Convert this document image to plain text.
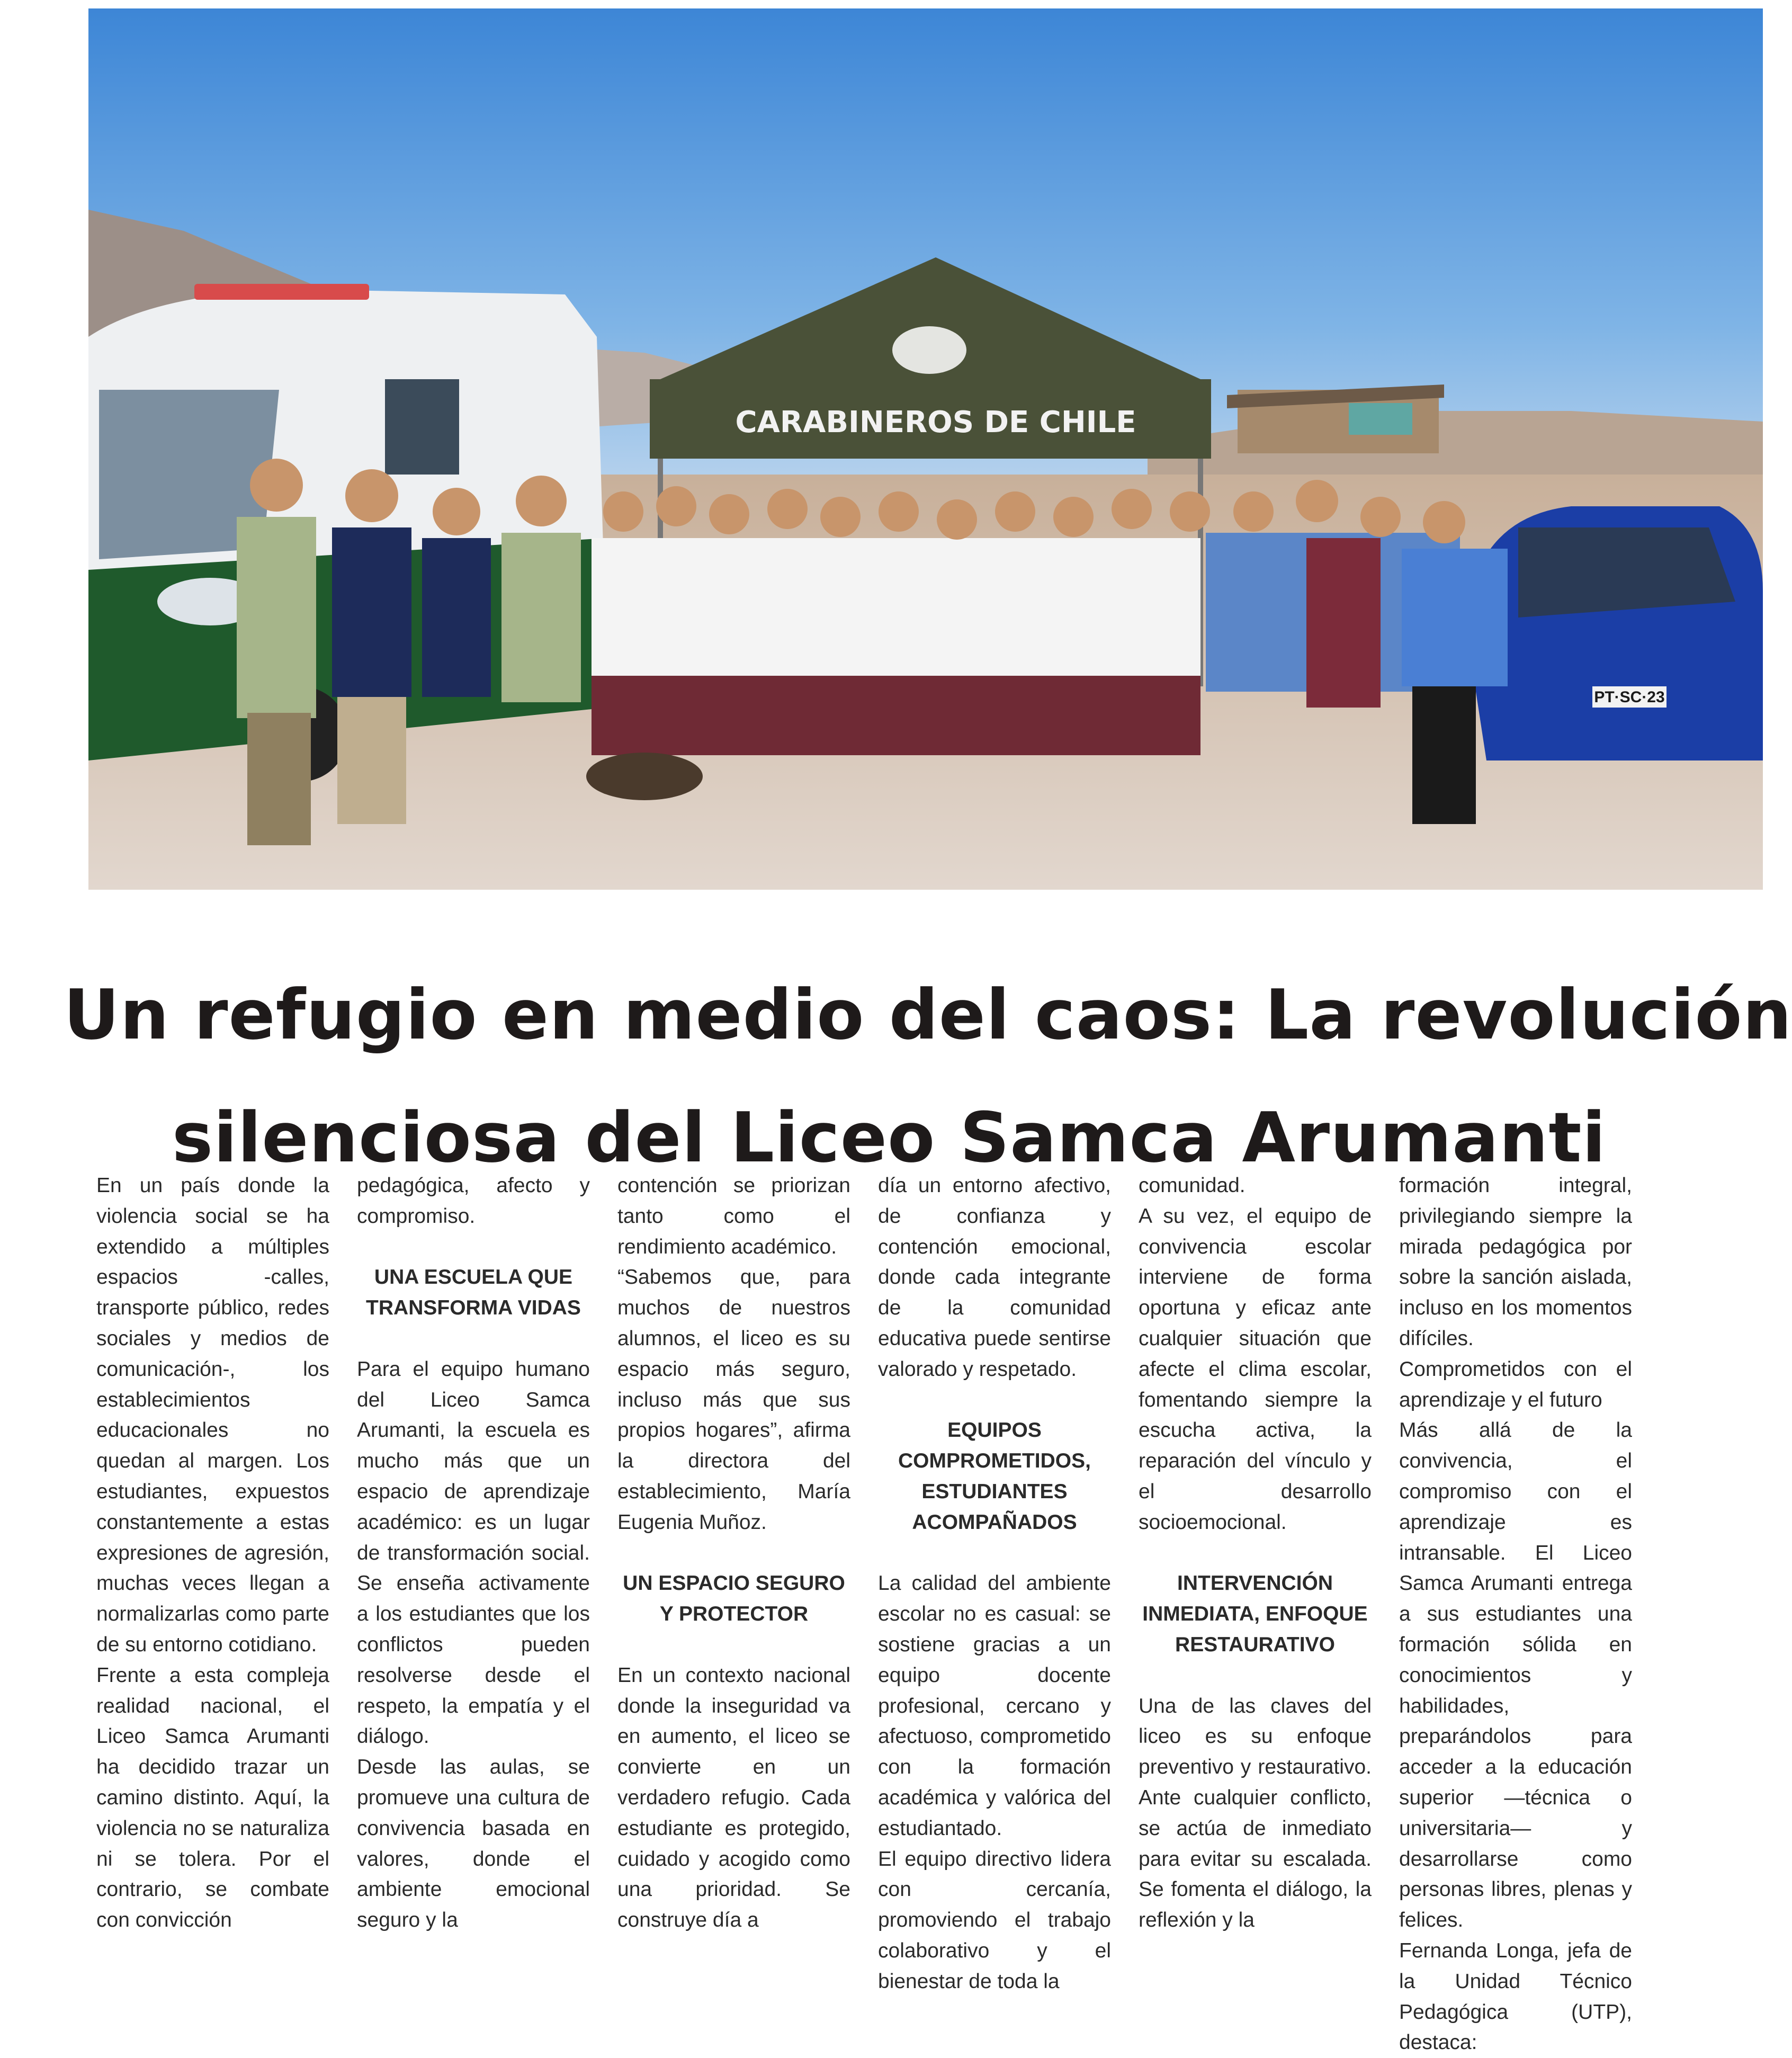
CARABINEROS DE CHILE
PT·SC·23
Un refugio en medio del caos: La revolución
silenciosa del Liceo Samca Arumanti

En un país donde la violencia social se ha extendido a múltiples espacios -calles, transporte público, redes sociales y medios de comunicación-, los establecimientos educacionales no quedan al margen. Los estudiantes, expuestos constantemente a estas expresiones de agresión, muchas veces llegan a normalizarlas como parte de su entorno cotidiano.

Frente a esta compleja realidad nacional, el Liceo Samca Arumanti ha decidido trazar un camino distinto. Aquí, la violencia no se naturaliza ni se tolera. Por el contrario, se combate con convicción

pedagógica, afecto y compromiso.

UNA ESCUELA QUE TRANSFORMA VIDAS

Para el equipo humano del Liceo Samca Arumanti, la escuela es mucho más que un espacio de aprendizaje académico: es un lugar de transformación social. Se enseña activamente a los estudiantes que los conflictos pueden resolverse desde el respeto, la empatía y el diálogo.

Desde las aulas, se promueve una cultura de convivencia basada en valores, donde el ambiente emocional seguro y la

contención se priorizan tanto como el rendimiento académico.

“Sabemos que, para muchos de nuestros alumnos, el liceo es su espacio más seguro, incluso más que sus propios hogares”, afirma la directora del establecimiento, María Eugenia Muñoz.

UN ESPACIO SEGURO Y PROTECTOR

En un contexto nacional donde la inseguridad va en aumento, el liceo se convierte en un verdadero refugio. Cada estudiante es protegido, cuidado y acogido como una prioridad. Se construye día a

día un entorno afectivo, de confianza y contención emocional, donde cada integrante de la comunidad educativa puede sentirse valorado y respetado.

EQUIPOS COMPROMETIDOS, ESTUDIANTES ACOMPAÑADOS

La calidad del ambiente escolar no es casual: se sostiene gracias a un equipo docente profesional, cercano y afectuoso, comprometido con la formación académica y valórica del estudiantado.

El equipo directivo lidera con cercanía, promoviendo el trabajo colaborativo y el bienestar de toda la

comunidad.

A su vez, el equipo de convivencia escolar interviene de forma oportuna y eficaz ante cualquier situación que afecte el clima escolar, fomentando siempre la escucha activa, la reparación del vínculo y el desarrollo socioemocional.

INTERVENCIÓN INMEDIATA, ENFOQUE RESTAURATIVO

Una de las claves del liceo es su enfoque preventivo y restaurativo. Ante cualquier conflicto, se actúa de inmediato para evitar su escalada. Se fomenta el diálogo, la reflexión y la

formación integral, privilegiando siempre la mirada pedagógica por sobre la sanción aislada, incluso en los momentos difíciles.

Comprometidos con el aprendizaje y el futuro

Más allá de la convivencia, el compromiso con el aprendizaje es intransable. El Liceo Samca Arumanti entrega a sus estudiantes una formación sólida en conocimientos y habilidades, preparándolos para acceder a la educación superior —técnica o universitaria— y desarrollarse como personas libres, plenas y felices.

Fernanda Longa, jefa de la Unidad Técnico Pedagógica (UTP), destaca:
